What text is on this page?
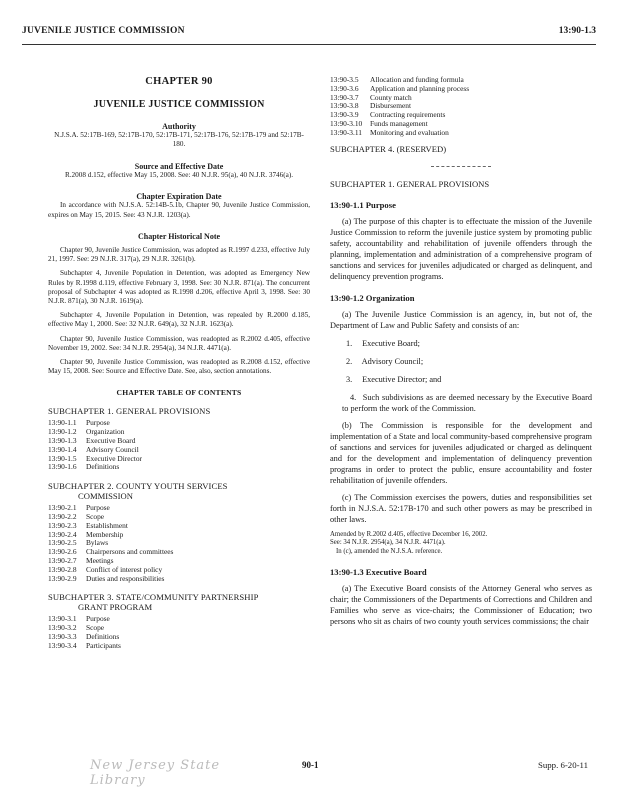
JUVENILE JUSTICE COMMISSION	13:90-1.3
CHAPTER 90
JUVENILE JUSTICE COMMISSION
Authority
N.J.S.A. 52:17B-169, 52:17B-170, 52:17B-171, 52:17B-176, 52:17B-179 and 52:17B-180.
Source and Effective Date
R.2008 d.152, effective May 15, 2008. See: 40 N.J.R. 95(a), 40 N.J.R. 3746(a).
Chapter Expiration Date
In accordance with N.J.S.A. 52:14B-5.1b, Chapter 90, Juvenile Justice Commission, expires on May 15, 2015. See: 43 N.J.R. 1203(a).
Chapter Historical Note

Chapter 90, Juvenile Justice Commission, was adopted as R.1997 d.233, effective July 21, 1997. See: 29 N.J.R. 317(a), 29 N.J.R. 3261(b).

Subchapter 4, Juvenile Population in Detention, was adopted as Emergency New Rules by R.1998 d.119, effective February 3, 1998. See: 30 N.J.R. 871(a). The concurrent proposal of Subchapter 4 was adopted as R.1998 d.206, effective April 3, 1998. See: 30 N.J.R. 871(a), 30 N.J.R. 1619(a).

Subchapter 4, Juvenile Population in Detention, was repealed by R.2000 d.185, effective May 1, 2000. See: 32 N.J.R. 649(a), 32 N.J.R. 1623(a).

Chapter 90, Juvenile Justice Commission, was readopted as R.2002 d.405, effective November 19, 2002. See: 34 N.J.R. 2954(a), 34 N.J.R. 4471(a).

Chapter 90, Juvenile Justice Commission, was readopted as R.2008 d.152, effective May 15, 2008. See: Source and Effective Date. See, also, section annotations.

CHAPTER TABLE OF CONTENTS
SUBCHAPTER 1. GENERAL PROVISIONS
13:90-1.1	Purpose
13:90-1.2	Organization
13:90-1.3	Executive Board
13:90-1.4	Advisory Council
13:90-1.5	Executive Director
13:90-1.6	Definitions
SUBCHAPTER 2. COUNTY YOUTH SERVICES
COMMISSION
13:90-2.1	Purpose
13:90-2.2	Scope
13:90-2.3	Establishment
13:90-2.4	Membership
13:90-2.5	Bylaws
13:90-2.6	Chairpersons and committees
13:90-2.7	Meetings
13:90-2.8	Conflict of interest policy
13:90-2.9	Duties and responsibilities
SUBCHAPTER 3. STATE/COMMUNITY PARTNERSHIP
GRANT PROGRAM
13:90-3.1	Purpose
13:90-3.2	Scope
13:90-3.3	Definitions
13:90-3.4	Participants
13:90-3.5	Allocation and funding formula
13:90-3.6	Application and planning process
13:90-3.7	County match
13:90-3.8	Disbursement
13:90-3.9	Contracting requirements
13:90-3.10	Funds management
13:90-3.11	Monitoring and evaluation
SUBCHAPTER 4. (RESERVED)
SUBCHAPTER 1. GENERAL PROVISIONS
13:90-1.1 Purpose

(a) The purpose of this chapter is to effectuate the mission of the Juvenile Justice Commission to reform the juvenile justice system by promoting public safety, accountability and rehabilitation of juvenile offenders through the planning, implementation and administration of a comprehensive program of sanctions and services for juveniles adjudicated or charged as delinquent, and delinquency prevention programs.

13:90-1.2 Organization

(a) The Juvenile Justice Commission is an agency, in, but not of, the Department of Law and Public Safety and consists of an:

1. Executive Board;
2. Advisory Council;
3. Executive Director; and
4. Such subdivisions as are deemed necessary by the Executive Board to perform the work of the Commission.

(b) The Commission is responsible for the development and implementation of a State and local community-based comprehensive program of sanctions and services for juveniles adjudicated or charged as delinquent and for the development and implementation of delinquency prevention programs in order to protect the public, ensure accountability and foster rehabilitation of juvenile offenders.

(c) The Commission exercises the powers, duties and responsibilities set forth in N.J.S.A. 52:17B-170 and such other powers as may be prescribed in other laws.

Amended by R.2002 d.405, effective December 16, 2002.
See: 34 N.J.R. 2954(a), 34 N.J.R. 4471(a).
In (c), amended the N.J.S.A. reference.
13:90-1.3 Executive Board

(a) The Executive Board consists of the Attorney General who serves as chair; the Commissioners of the Departments of Corrections and Children and Families who serve as vice-chairs; the Commissioner of Education; two persons who sit as chairs of two county youth services commissions; the chair

New Jersey State Library
90-1	Supp. 6-20-11
